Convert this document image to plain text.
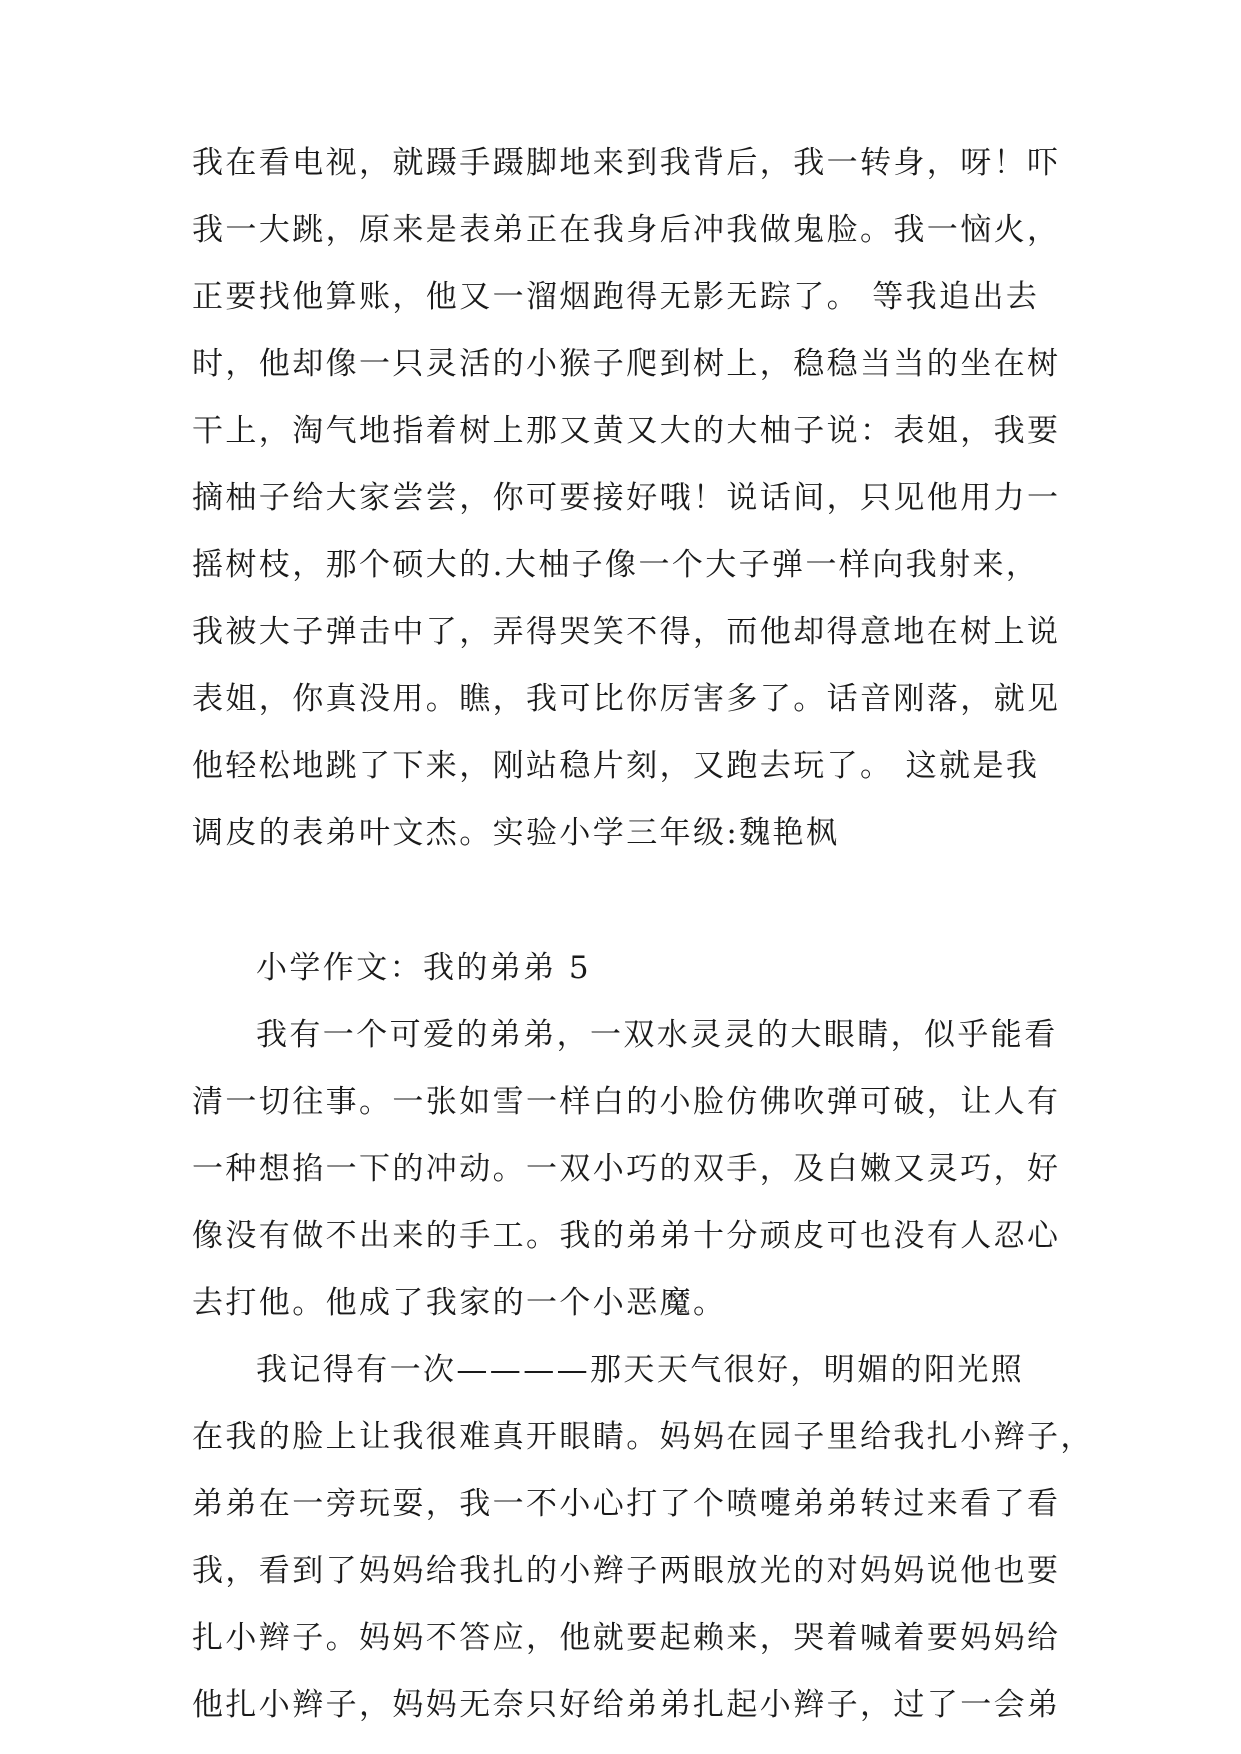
我在看电视，就蹑手蹑脚地来到我背后，我一转身，呀！吓
我一大跳，原来是表弟正在我身后冲我做鬼脸。我一恼火，
正要找他算账，他又一溜烟跑得无影无踪了。 等我追出去
时，他却像一只灵活的小猴子爬到树上，稳稳当当的坐在树
干上，淘气地指着树上那又黄又大的大柚子说：表姐，我要
摘柚子给大家尝尝，你可要接好哦！说话间，只见他用力一
摇树枝，那个硕大的.大柚子像一个大子弹一样向我射来，
我被大子弹击中了，弄得哭笑不得，而他却得意地在树上说
表姐，你真没用。瞧，我可比你厉害多了。话音刚落，就见
他轻松地跳了下来，刚站稳片刻，又跑去玩了。 这就是我
调皮的表弟叶文杰。实验小学三年级:魏艳枫
小学作文：我的弟弟 5
我有一个可爱的弟弟，一双水灵灵的大眼睛，似乎能看
清一切往事。一张如雪一样白的小脸仿佛吹弹可破，让人有
一种想掐一下的冲动。一双小巧的双手，及白嫩又灵巧，好
像没有做不出来的手工。我的弟弟十分顽皮可也没有人忍心
去打他。他成了我家的一个小恶魔。
我记得有一次————那天天气很好，明媚的阳光照
在我的脸上让我很难真开眼睛。妈妈在园子里给我扎小辫子，
弟弟在一旁玩耍，我一不小心打了个喷嚏弟弟转过来看了看
我，看到了妈妈给我扎的小辫子两眼放光的对妈妈说他也要
扎小辫子。妈妈不答应，他就要起赖来，哭着喊着要妈妈给
他扎小辫子，妈妈无奈只好给弟弟扎起小辫子，过了一会弟
